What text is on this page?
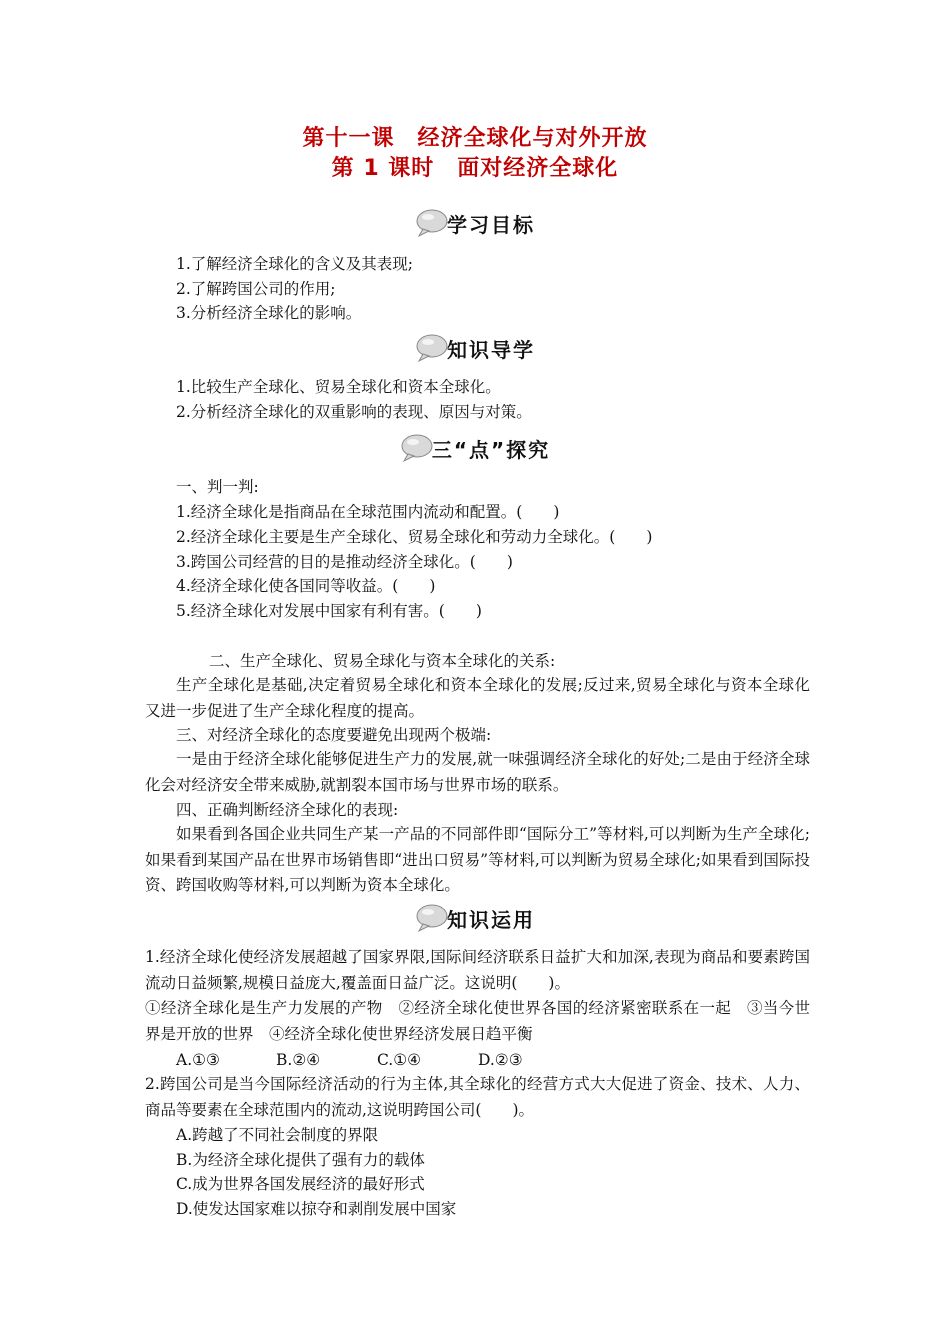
第十一课　经济全球化与对外开放
第 1 课时　面对经济全球化
学习目标
1.了解经济全球化的含义及其表现;
2.了解跨国公司的作用;
3.分析经济全球化的影响。
知识导学
1.比较生产全球化、贸易全球化和资本全球化。
2.分析经济全球化的双重影响的表现、原因与对策。
三“点”探究
一、判一判:
1.经济全球化是指商品在全球范围内流动和配置。(　　)
2.经济全球化主要是生产全球化、贸易全球化和劳动力全球化。(　　)
3.跨国公司经营的目的是推动经济全球化。(　　)
4.经济全球化使各国同等收益。(　　)
5.经济全球化对发展中国家有利有害。(　　)
二、生产全球化、贸易全球化与资本全球化的关系:
生产全球化是基础,决定着贸易全球化和资本全球化的发展;反过来,贸易全球化与资本全球化又进一步促进了生产全球化程度的提高。
三、对经济全球化的态度要避免出现两个极端:
一是由于经济全球化能够促进生产力的发展,就一味强调经济全球化的好处;二是由于经济全球化会对经济安全带来威胁,就割裂本国市场与世界市场的联系。
四、正确判断经济全球化的表现:
如果看到各国企业共同生产某一产品的不同部件即“国际分工”等材料,可以判断为生产全球化;如果看到某国产品在世界市场销售即“进出口贸易”等材料,可以判断为贸易全球化;如果看到国际投资、跨国收购等材料,可以判断为资本全球化。
知识运用
1.经济全球化使经济发展超越了国家界限,国际间经济联系日益扩大和加深,表现为商品和要素跨国流动日益频繁,规模日益庞大,覆盖面日益广泛。这说明(　　)。
①经济全球化是生产力发展的产物　②经济全球化使世界各国的经济紧密联系在一起　③当今世界是开放的世界　④经济全球化使世界经济发展日趋平衡
A.①③	B.②④	C.①④	D.②③
2.跨国公司是当今国际经济活动的行为主体,其全球化的经营方式大大促进了资金、技术、人力、商品等要素在全球范围内的流动,这说明跨国公司(　　)。
A.跨越了不同社会制度的界限
B.为经济全球化提供了强有力的载体
C.成为世界各国发展经济的最好形式
D.使发达国家难以掠夺和剥削发展中国家
